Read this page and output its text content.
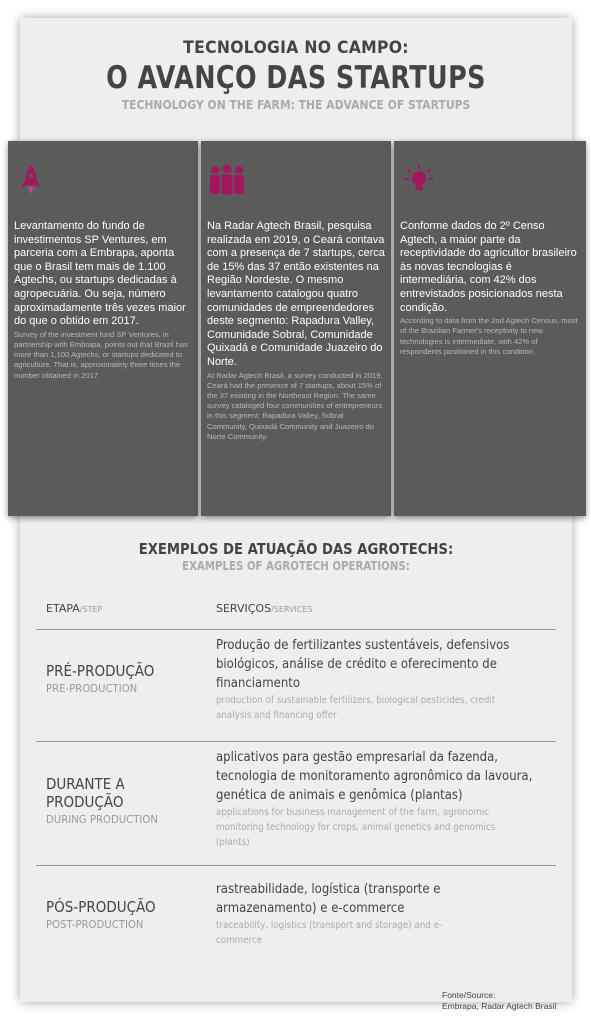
TECNOLOGIA NO CAMPO:
O AVANÇO DAS STARTUPS
TECHNOLOGY ON THE FARM: THE ADVANCE OF STARTUPS
Levantamento do fundo de investimentos SP Ventures, em parceria com a Embrapa, aponta que o Brasil tem mais de 1.100 Agtechs, ou startups dedicadas à agropecuária. Ou seja, número aproximadamente três vezes maior do que o obtido em 2017.
Survey of the investment fund SP Ventures, in partnership with Embrapa, points out that Brazil has more than 1,100 Agtechs, or startups dedicated to agriculture. That is, approximately three times the number obtained in 2017.
Na Radar Agtech Brasil, pesquisa realizada em 2019, o Ceará contava com a presença de 7 startups, cerca de 15% das 37 então existentes na Região Nordeste. O mesmo levantamento catalogou quatro comunidades de empreendedores deste segmento: Rapadura Valley, Comunidade Sobral, Comunidade Quixadá e Comunidade Juazeiro do Norte.
At Radar Agtech Brasil, a survey conducted in 2019, Ceará had the presence of 7 startups, about 15% of the 37 existing in the Northeast Region. The same survey cataloged four communities of entrepreneurs in this segment: Rapadura Valley, Sobral Community, Quixadá Community and Juazeiro do Norte Community.
Conforme dados do 2º Censo Agtech, a maior parte da receptividade do agricultor brasileiro às novas tecnologias é intermediária, com 42% dos entrevistados posicionados nesta condição.
According to data from the 2nd Agtech Census, most of the Brazilian Farmer's receptivity to new technologies is intermediate, with 42% of respondents positioned in this condition.
EXEMPLOS DE ATUAÇÃO DAS AGROTECHS:
EXAMPLES OF AGROTECH OPERATIONS:
ETAPA/STEP	SERVIÇOS/SERVICES
PRÉ-PRODUÇÃO
PRE-PRODUCTION
Produção de fertilizantes sustentáveis, defensivos biológicos, análise de crédito e oferecimento de financiamento
production of sustainable fertilizers, biological pesticides, credit analysis and financing offer
DURANTE A PRODUÇÃO
DURING PRODUCTION
aplicativos para gestão empresarial da fazenda, tecnologia de monitoramento agronômico da lavoura, genética de animais e genômica (plantas)
applications for business management of the farm, agronomic monitoring technology for crops, animal genetics and genomics (plants)
PÓS-PRODUÇÃO
POST-PRODUCTION
rastreabilidade, logística (transporte e armazenamento) e e-commerce
traceability, logistics (transport and storage) and e-commerce
Fonte/Source:
Embrapa, Radar Agtech Brasil
